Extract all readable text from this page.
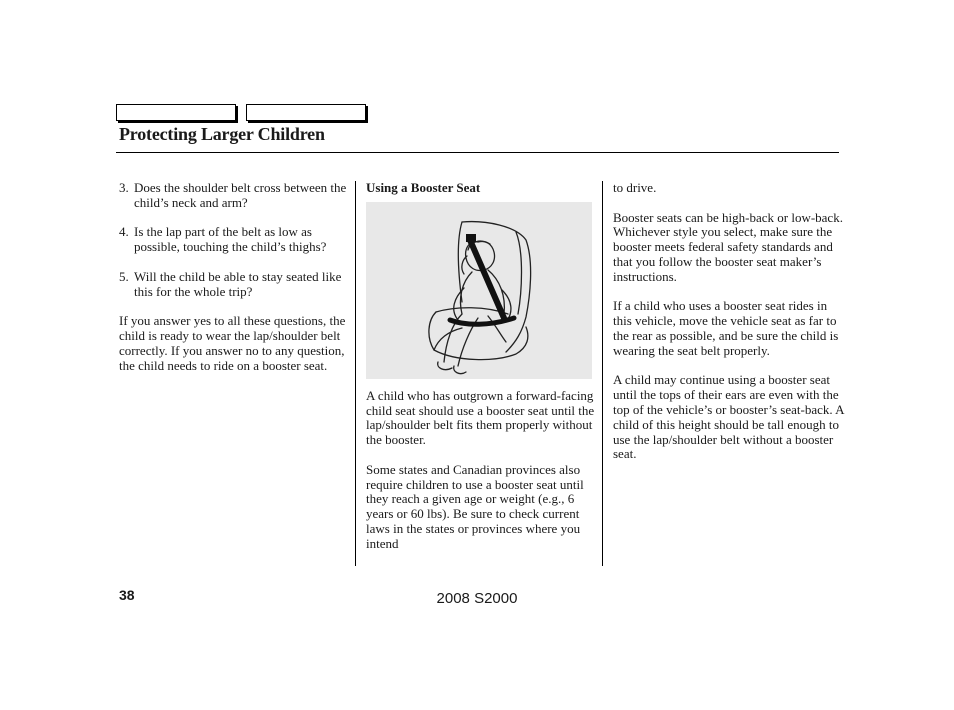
Protecting Larger Children
3. Does the shoulder belt cross between the child’s neck and arm?
4. Is the lap part of the belt as low as possible, touching the child’s thighs?
5. Will the child be able to stay seated like this for the whole trip?

If you answer yes to all these questions, the child is ready to wear the lap/shoulder belt correctly. If you answer no to any question, the child needs to ride on a booster seat.

Using a Booster Seat

A child who has outgrown a forward-facing child seat should use a booster seat until the lap/shoulder belt fits them properly without the booster.

Some states and Canadian provinces also require children to use a booster seat until they reach a given age or weight (e.g., 6 years or 60 lbs). Be sure to check current laws in the states or provinces where you intend

to drive.

Booster seats can be high-back or low-back. Whichever style you select, make sure the booster meets federal safety standards and that you follow the booster seat maker’s instructions.

If a child who uses a booster seat rides in this vehicle, move the vehicle seat as far to the rear as possible, and be sure the child is wearing the seat belt properly.

A child may continue using a booster seat until the tops of their ears are even with the top of the vehicle’s or booster’s seat-back. A child of this height should be tall enough to use the lap/shoulder belt without a booster seat.

38	2008 S2000
